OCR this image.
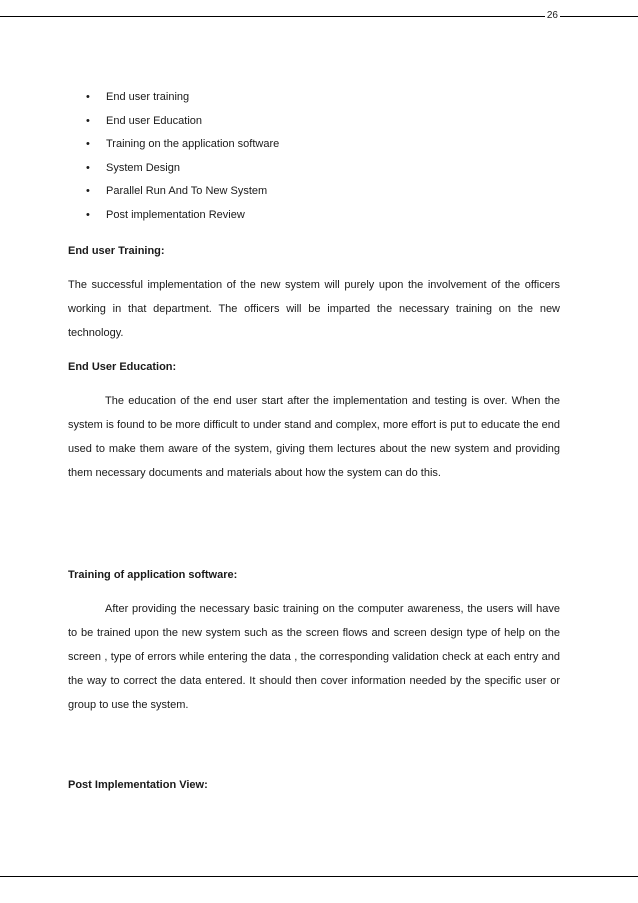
26
• End user training
• End user Education
• Training on the application software
• System Design
• Parallel Run And To New System
• Post implementation Review

End user Training:

The successful implementation of the new system will purely upon the involvement of the officers working in that department. The officers will be imparted the necessary training on the new technology.

End User Education:

The education of the end user start after the implementation and testing is over. When the system is found to be more difficult to under stand and complex, more effort is put to educate the end used to make them aware of the system, giving them lectures about the new system and providing them necessary documents and materials about how the system can do this.

Training of application software:

After providing the necessary basic training on the computer awareness, the users will have to be trained upon the new system such as the screen flows and screen design type of help on the screen , type of errors while entering the data , the corresponding validation check at each entry and the way to correct the data entered. It should then cover information needed by the specific user or group to use the system.

Post Implementation View:
